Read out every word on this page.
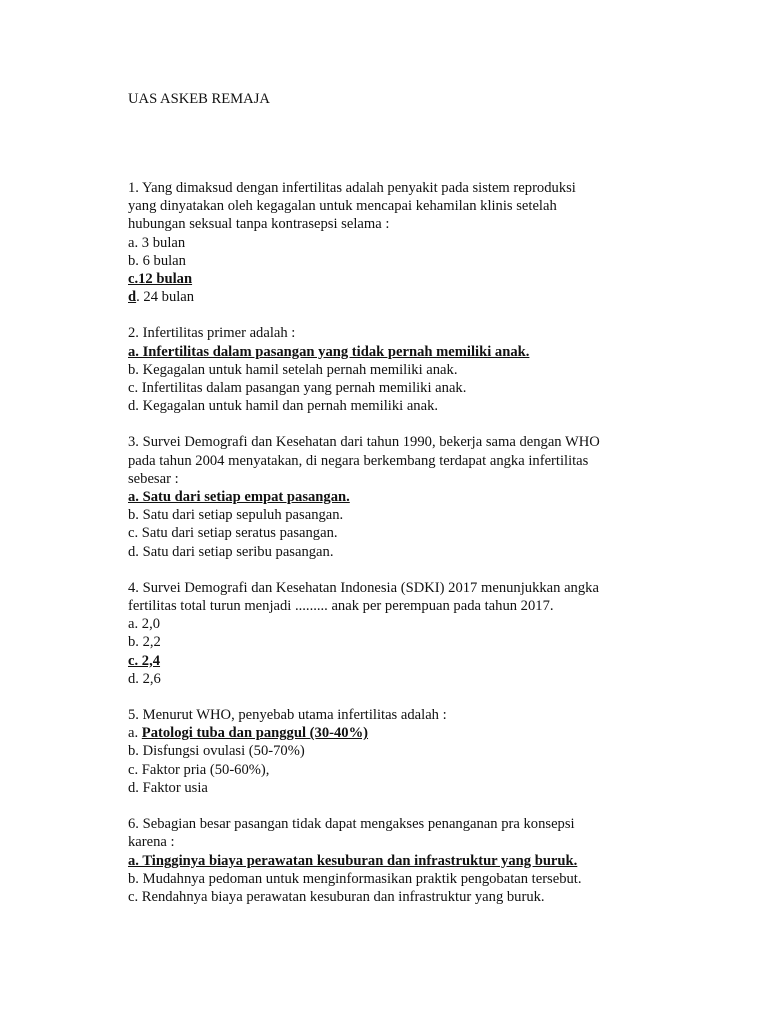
UAS ASKEB REMAJA
1. Yang dimaksud dengan infertilitas adalah penyakit pada sistem reproduksi
yang dinyatakan oleh kegagalan untuk mencapai kehamilan klinis setelah
hubungan seksual tanpa kontrasepsi selama :
a. 3 bulan
b. 6 bulan
c.12 bulan
d. 24 bulan
2. Infertilitas primer adalah :
a. Infertilitas dalam pasangan yang tidak pernah memiliki anak.
b. Kegagalan untuk hamil setelah pernah memiliki anak.
c. Infertilitas dalam pasangan yang pernah memiliki anak.
d. Kegagalan untuk hamil dan pernah memiliki anak.
3. Survei Demografi dan Kesehatan dari tahun 1990, bekerja sama dengan WHO
pada tahun 2004 menyatakan, di negara berkembang terdapat angka infertilitas
sebesar :
a. Satu dari setiap empat pasangan.
b. Satu dari setiap sepuluh pasangan.
c. Satu dari setiap seratus pasangan.
d. Satu dari setiap seribu pasangan.
4. Survei Demografi dan Kesehatan Indonesia (SDKI) 2017 menunjukkan angka
fertilitas total turun menjadi ......... anak per perempuan pada tahun 2017.
a. 2,0
b. 2,2
c. 2,4
d. 2,6
5. Menurut WHO, penyebab utama infertilitas adalah :
a. Patologi tuba dan panggul (30-40%)
b. Disfungsi ovulasi (50-70%)
c. Faktor pria (50-60%),
d. Faktor usia
6. Sebagian besar pasangan tidak dapat mengakses penanganan pra konsepsi
karena :
a. Tingginya biaya perawatan kesuburan dan infrastruktur yang buruk.
b. Mudahnya pedoman untuk menginformasikan praktik pengobatan tersebut.
c. Rendahnya biaya perawatan kesuburan dan infrastruktur yang buruk.
